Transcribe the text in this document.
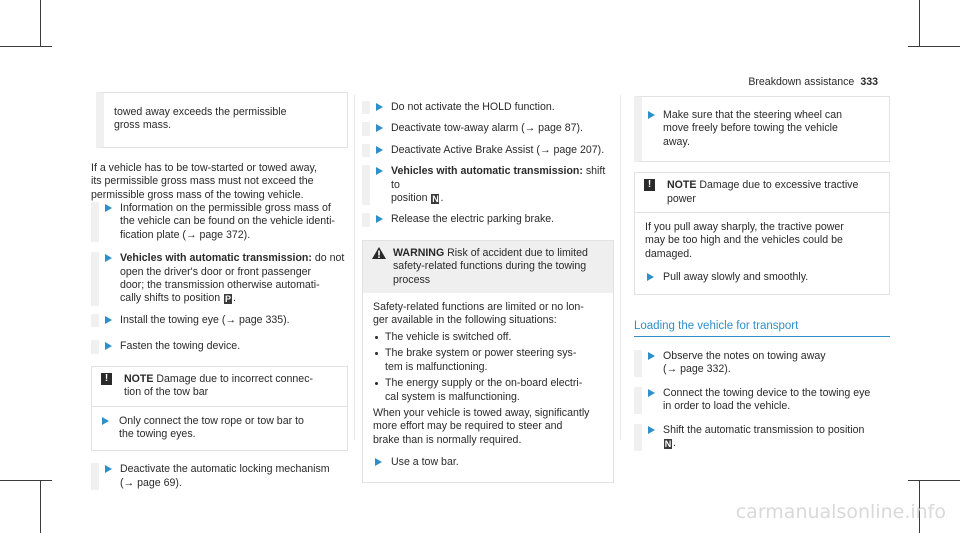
Breakdown assistance 333
towed away exceeds the permissible
gross mass.
If a vehicle has to be tow-started or towed away,
its permissible gross mass must not exceed the
permissible gross mass of the towing vehicle.
Information on the permissible gross mass of
the vehicle can be found on the vehicle identi-
fication plate (→ page 372).
Vehicles with automatic transmission: do not
open the driver's door or front passenger
door; the transmission otherwise automati-
cally shifts to position P .
Install the towing eye (→ page 335).
Fasten the towing device.
!	NOTE Damage due to incorrect connec-
tion of the tow bar
Only connect the tow rope or tow bar to
the towing eyes.
Deactivate the automatic locking mechanism
(→ page 69).
Do not activate the HOLD function.
Deactivate tow-away alarm (→ page 87).
Deactivate Active Brake Assist (→ page 207).
Vehicles with automatic transmission: shift to
position N .
Release the electric parking brake.
WARNING Risk of accident due to limited
safety-related functions during the towing
process
Safety-related functions are limited or no lon-
ger available in the following situations:
The vehicle is switched off.
The brake system or power steering sys-
tem is malfunctioning.
The energy supply or the on-board electri-
cal system is malfunctioning.
When your vehicle is towed away, significantly
more effort may be required to steer and
brake than is normally required.
Use a tow bar.
Make sure that the steering wheel can
move freely before towing the vehicle
away.
!	NOTE Damage due to excessive tractive
power
If you pull away sharply, the tractive power
may be too high and the vehicles could be
damaged.
Pull away slowly and smoothly.
Loading the vehicle for transport
Observe the notes on towing away
(→ page 332).
Connect the towing device to the towing eye
in order to load the vehicle.
Shift the automatic transmission to position
N .
carmanualsonline.info
